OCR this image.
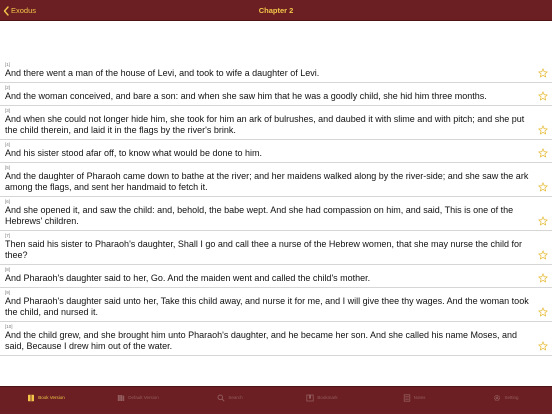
Exodus	Chapter 2
[1]
And there went a man of the house of Levi, and took to wife a daughter of Levi.
[2]
And the woman conceived, and bare a son: and when she saw him that he was a goodly child, she hid him three months.
[3]
And when she could not longer hide him, she took for him an ark of bulrushes, and daubed it with slime and with pitch; and she put the child therein, and laid it in the flags by the river's brink.
[4]
And his sister stood afar off, to know what would be done to him.
[5]
And the daughter of Pharaoh came down to bathe at the river; and her maidens walked along by the river-side; and she saw the ark among the flags, and sent her handmaid to fetch it.
[6]
And she opened it, and saw the child: and, behold, the babe wept. And she had compassion on him, and said, This is one of the Hebrews' children.
[7]
Then said his sister to Pharaoh's daughter, Shall I go and call thee a nurse of the Hebrew women, that she may nurse the child for thee?
[8]
And Pharaoh's daughter said to her, Go. And the maiden went and called the child's mother.
[9]
And Pharaoh's daughter said unto her, Take this child away, and nurse it for me, and I will give thee thy wages. And the woman took the child, and nursed it.
[10]
And the child grew, and she brought him unto Pharaoh's daughter, and he became her son. And she called his name Moses, and said, Because I drew him out of the water.
Book Version	Default Version	Search	Bookmark	Notes	Setting
